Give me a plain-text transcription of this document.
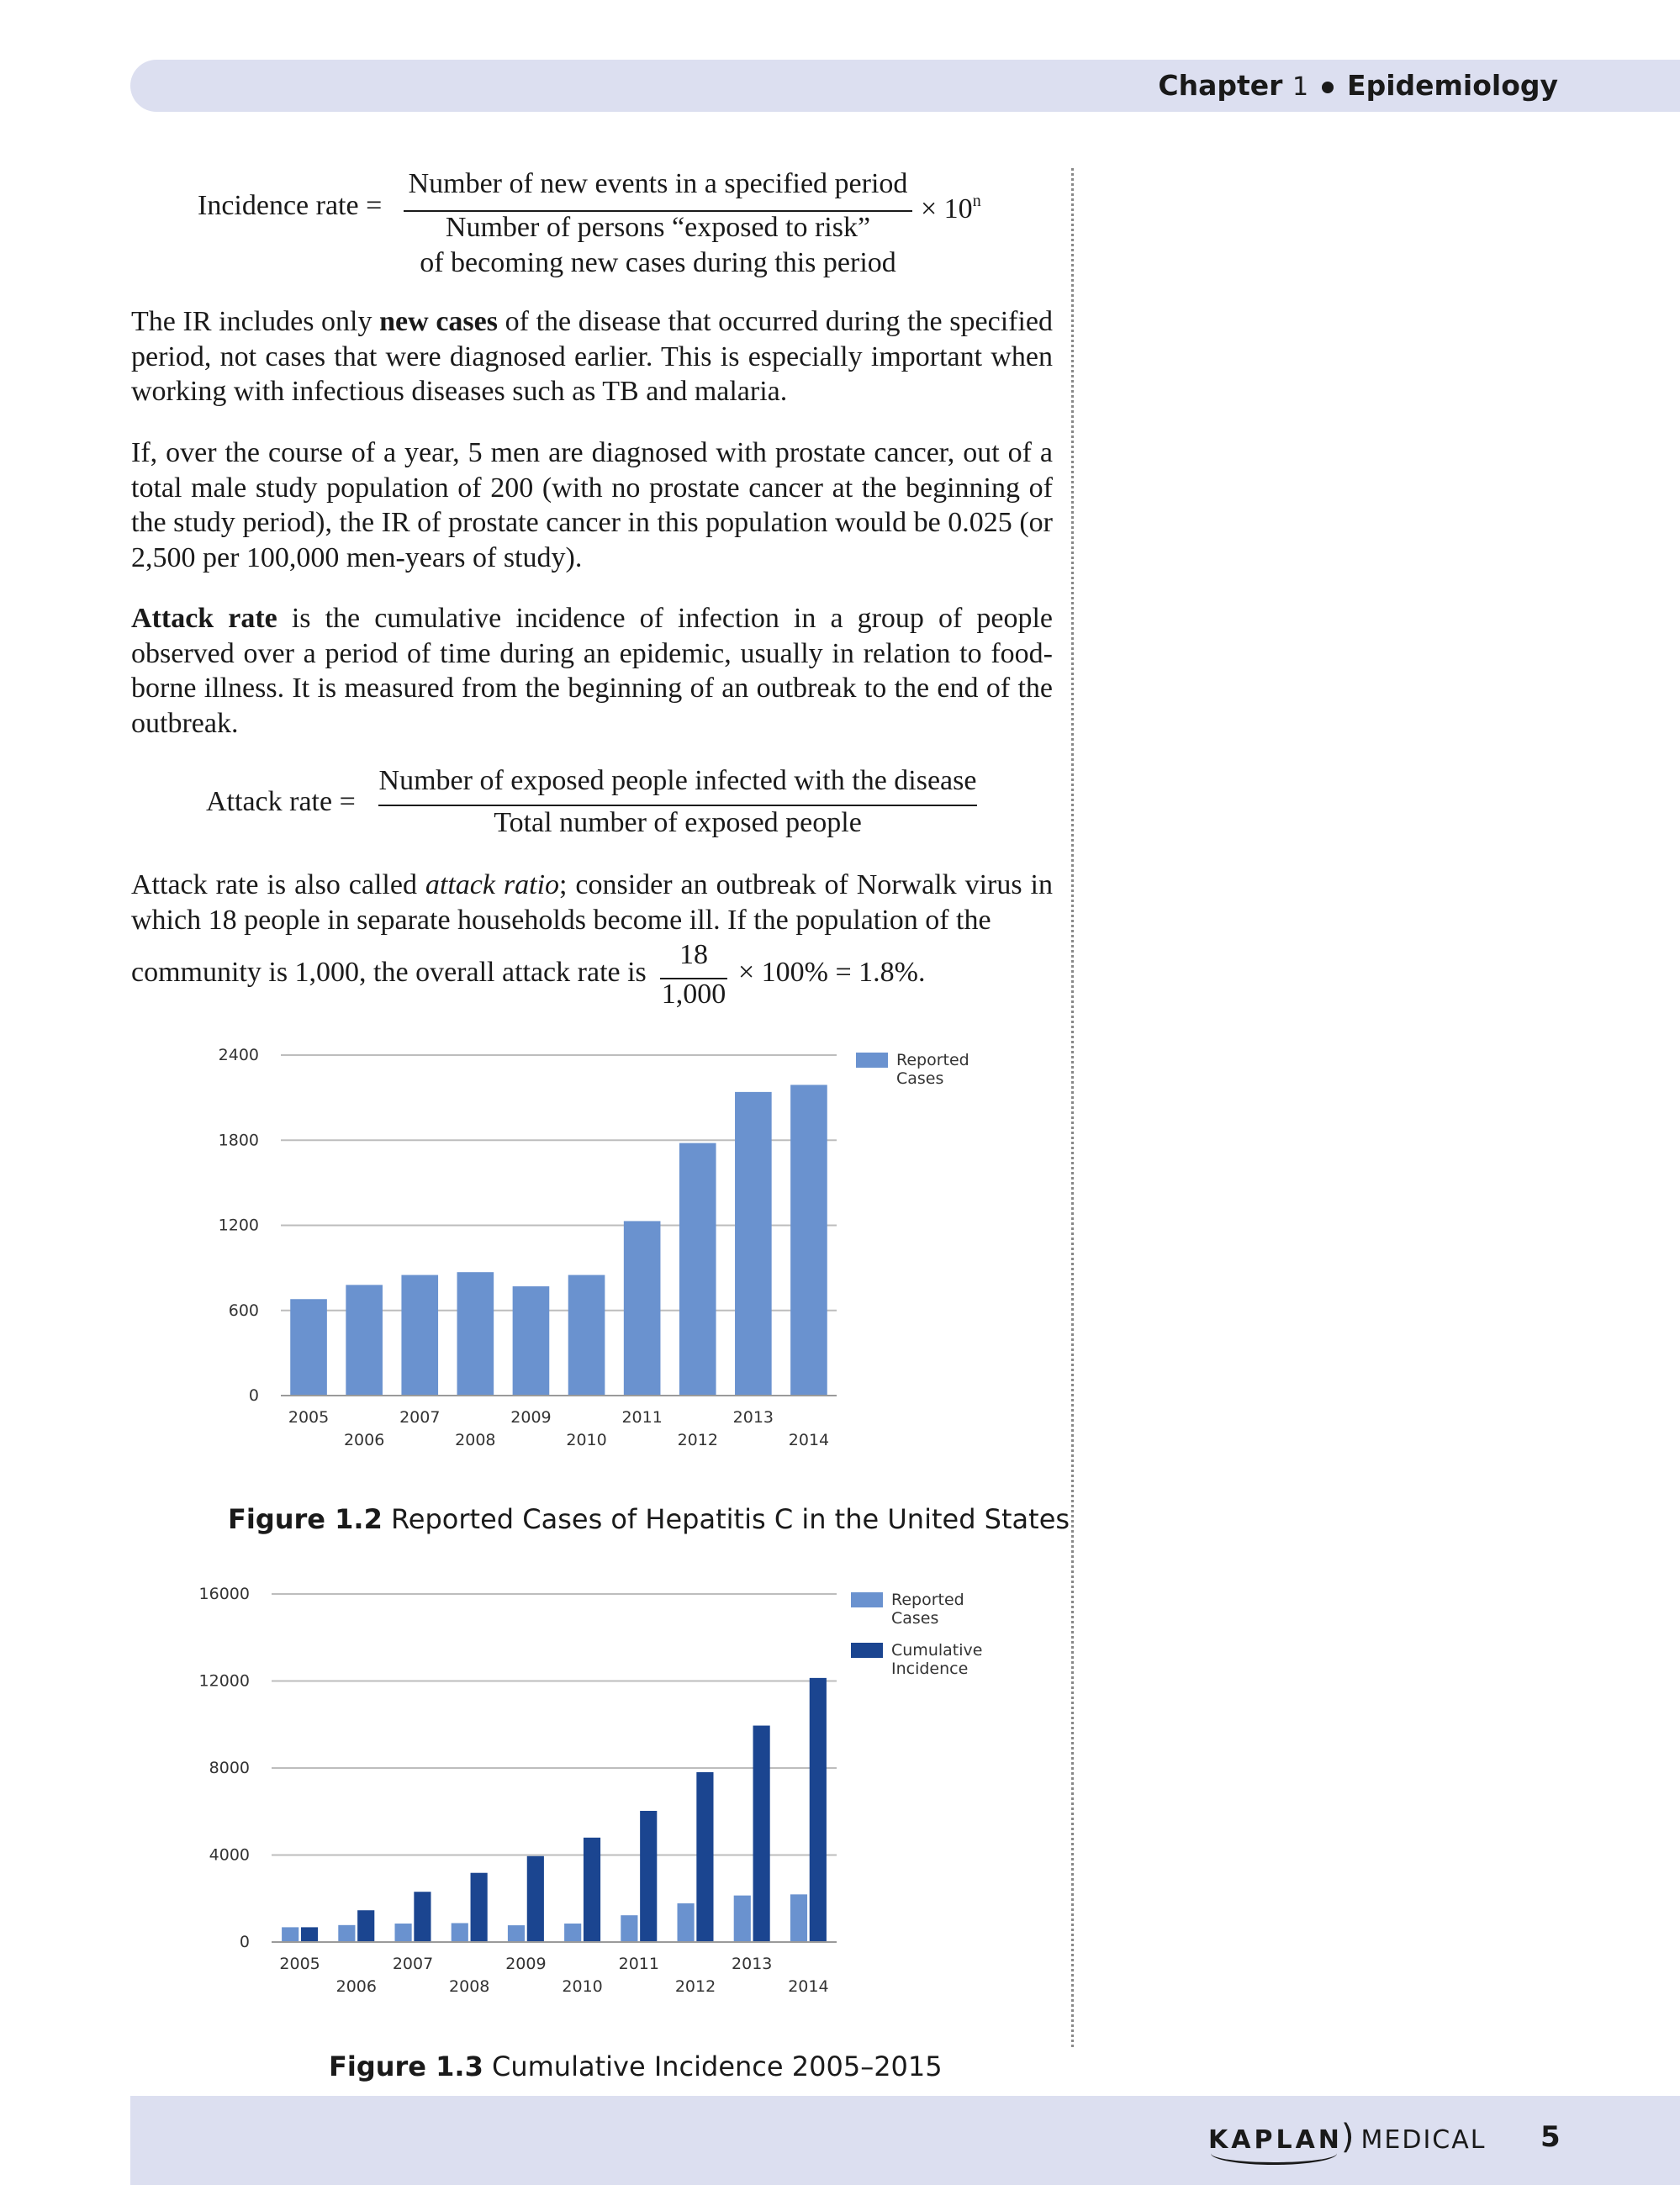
Chapter 1 Epidemiology
Incidence rate =
Number of new events in a specified period
Number of persons “exposed to risk”
of becoming new cases during this period
× $10^n$
The IR includes only new cases of the disease that occurred during the specified period, not cases that were diagnosed earlier. This is especially important when working with infectious diseases such as TB and malaria.
If, over the course of a year, 5 men are diagnosed with prostate cancer, out of a total male study population of 200 (with no prostate cancer at the beginning of the study period), the IR of prostate cancer in this population would be 0.025 (or 2,500 per 100,000 men-years of study).
Attack rate is the cumulative incidence of infection in a group of people observed over a period of time during an epidemic, usually in relation to food-borne illness. It is measured from the beginning of an outbreak to the end of the outbreak.
Attack rate =
Number of exposed people infected with the disease
Total number of exposed people
Attack rate is also called attack ratio; consider an outbreak of Norwalk virus in which 18 people in separate households become ill. If the population of the
community is 1,000, the overall attack rate is
18
1,000
× 100% = 1.8%.
0
600
1200
1800
2400
2005
2006
2007
2008
2009
2010
2011
2012
2013
2014
Reported
Cases
Figure 1.2 Reported Cases of Hepatitis C in the United States
0
4000
8000
12000
16000
2005
2006
2007
2008
2009
2010
2011
2012
2013
2014
Reported
Cases
Cumulative
Incidence
Figure 1.3 Cumulative Incidence 2005–2015
KAPLAN) MEDICAL 5
